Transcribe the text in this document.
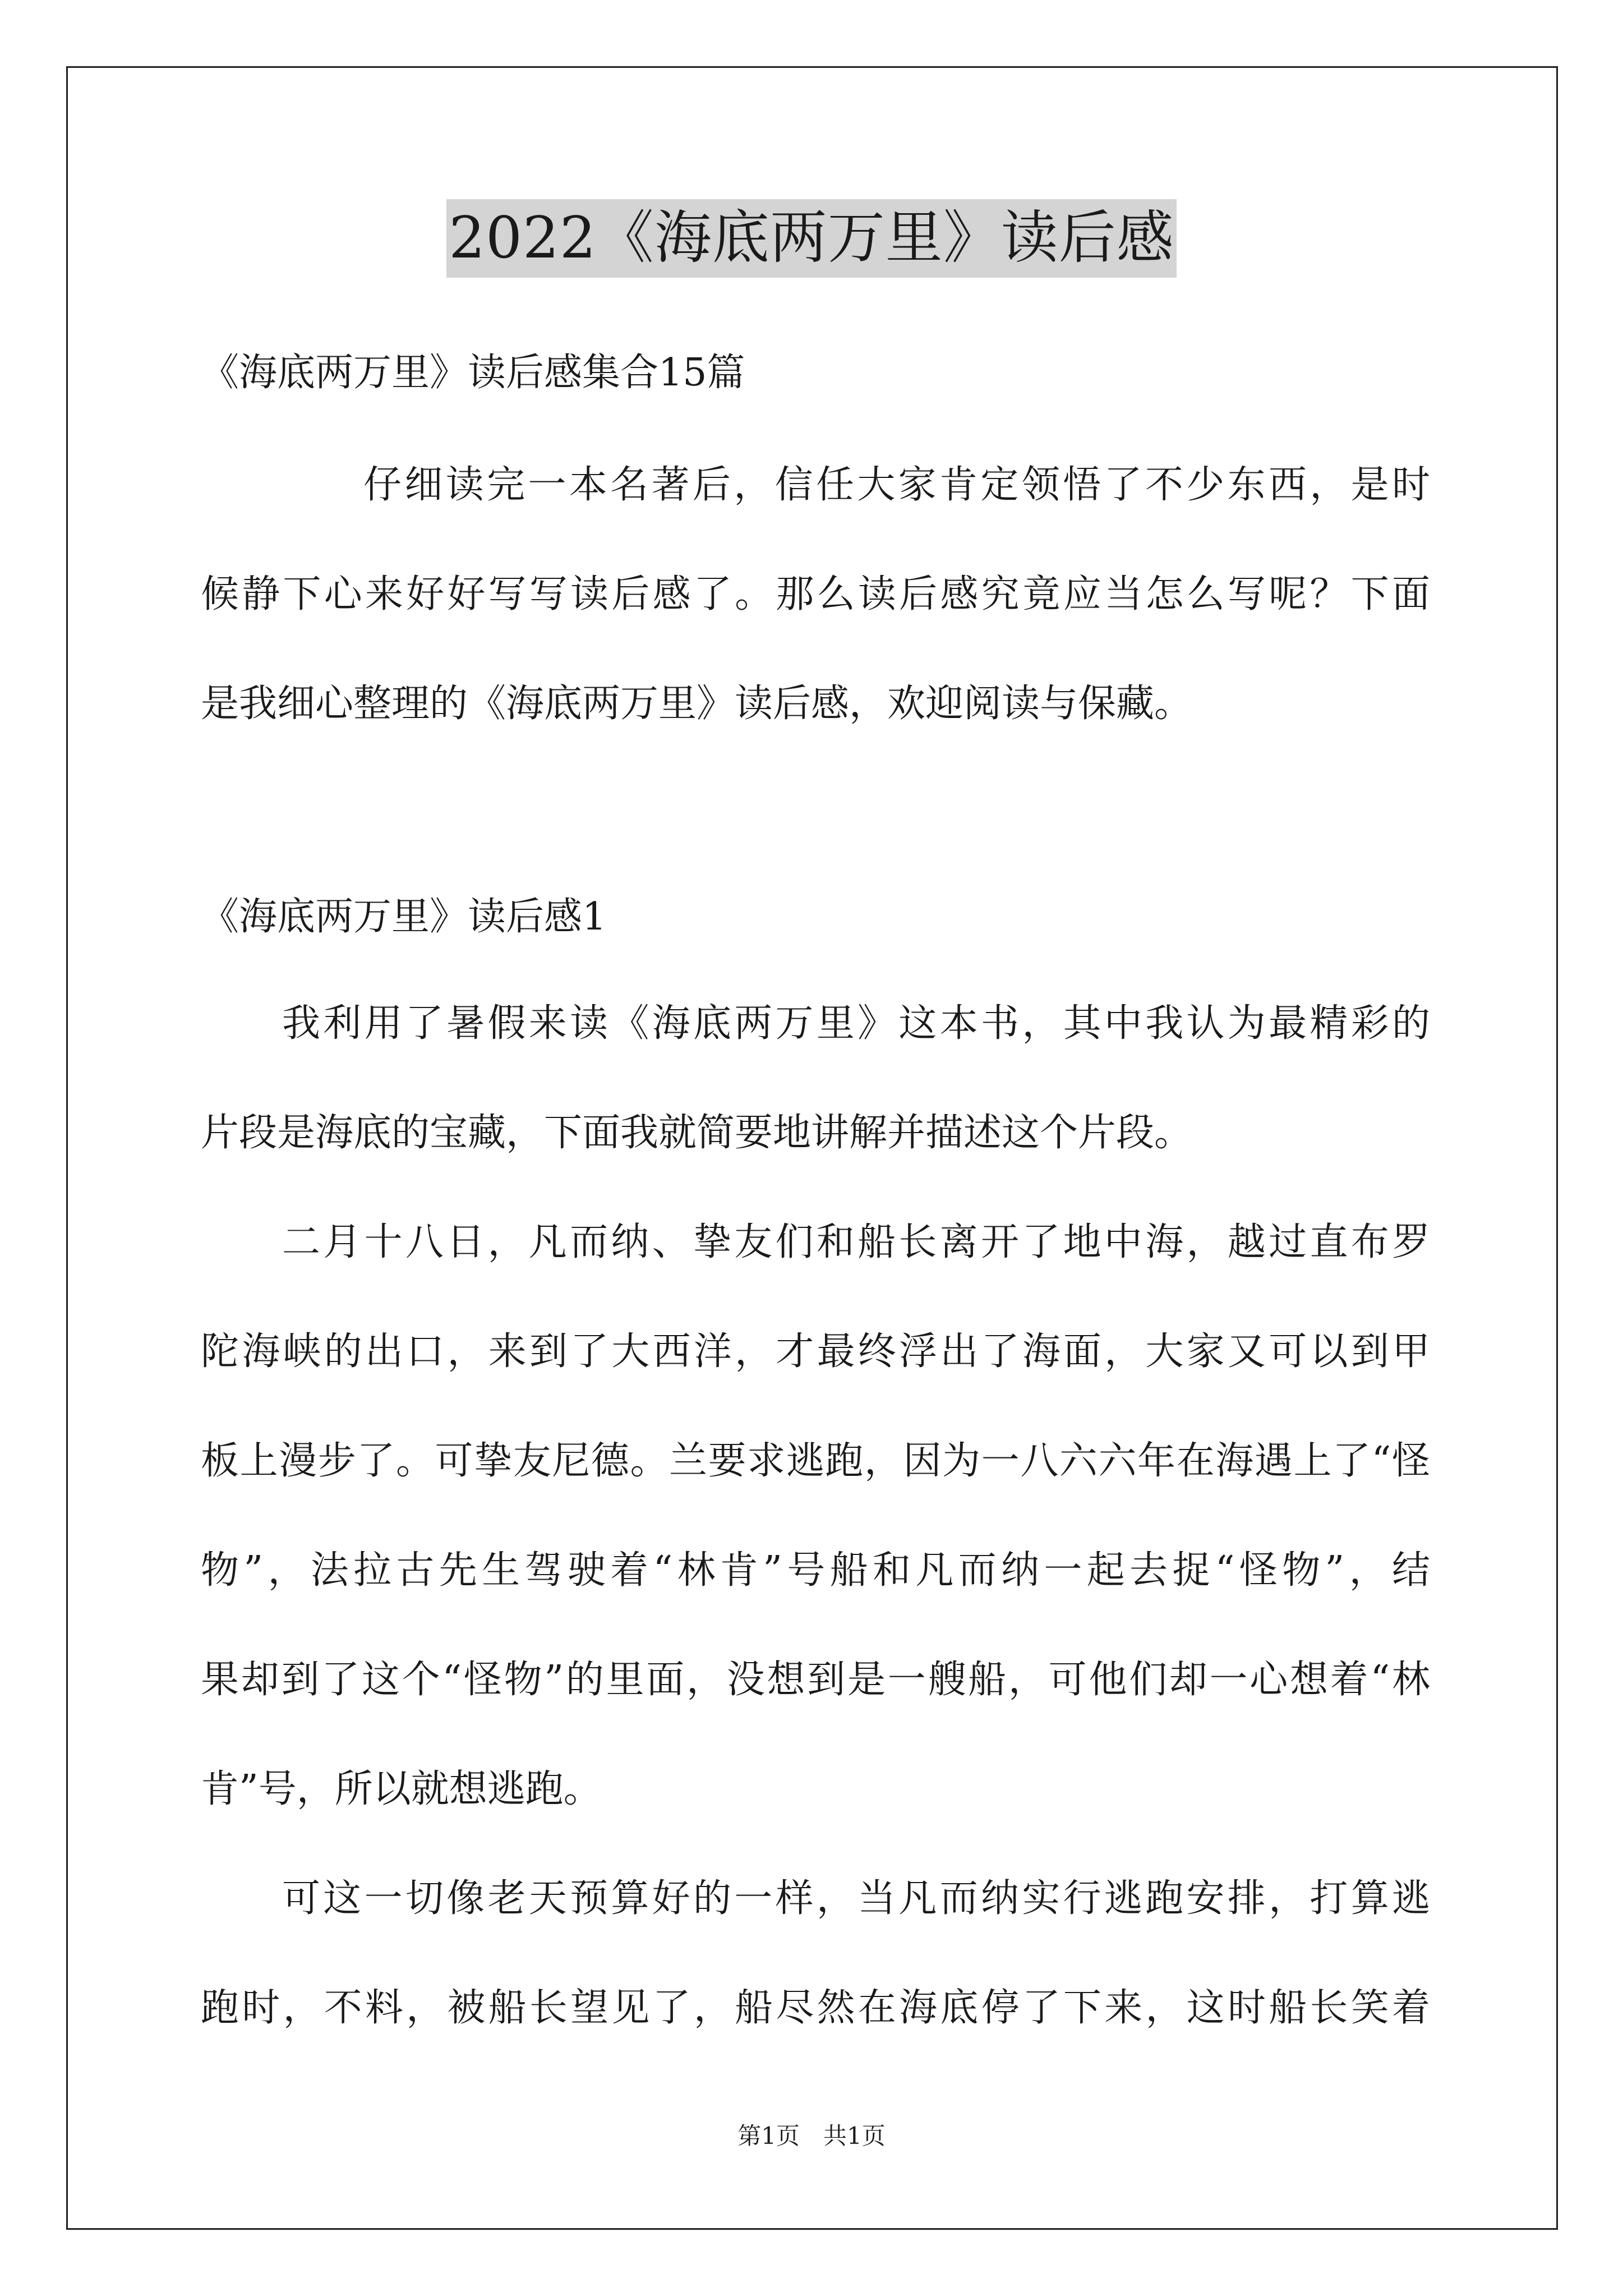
2022《海底两万里》读后感
《海底两万里》读后感集合15篇
仔细读完一本名著后，信任大家肯定领悟了不少东西，是时
候静下心来好好写写读后感了。那么读后感究竟应当怎么写呢？下面
是我细心整理的《海底两万里》读后感，欢迎阅读与保藏。
《海底两万里》读后感1
我利用了暑假来读《海底两万里》这本书，其中我认为最精彩的
片段是海底的宝藏，下面我就简要地讲解并描述这个片段。
二月十八日，凡而纳、挚友们和船长离开了地中海，越过直布罗
陀海峡的出口，来到了大西洋，才最终浮出了海面，大家又可以到甲
板上漫步了。可挚友尼德。兰要求逃跑，因为一八六六年在海遇上了“怪
物”，法拉古先生驾驶着“林肯”号船和凡而纳一起去捉“怪物”，结
果却到了这个“怪物”的里面，没想到是一艘船，可他们却一心想着“林
肯”号，所以就想逃跑。
可这一切像老天预算好的一样，当凡而纳实行逃跑安排，打算逃
跑时，不料，被船长望见了，船尽然在海底停了下来，这时船长笑着
第1页　共1页
